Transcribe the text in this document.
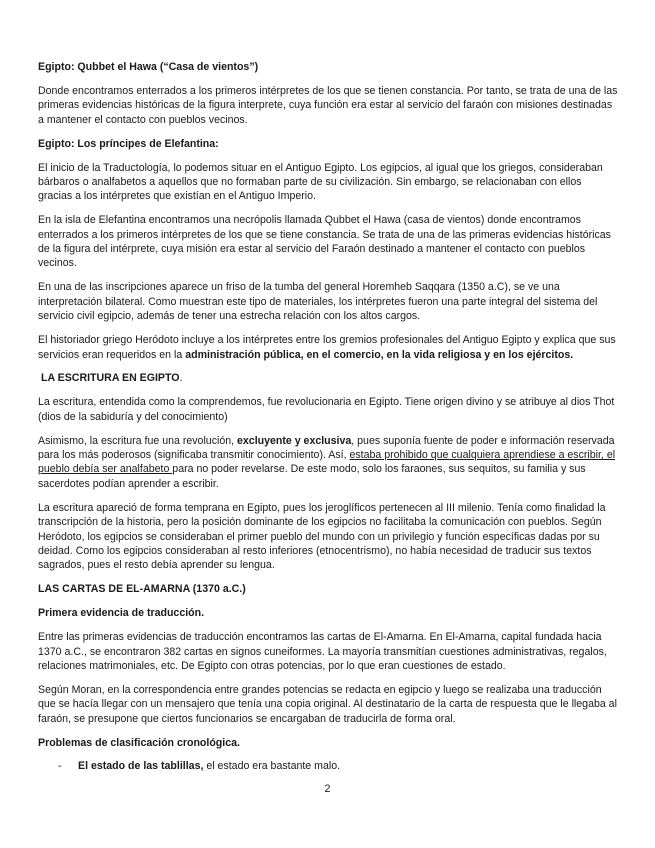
Egipto: Qubbet el Hawa (“Casa de vientos”)

Donde encontramos enterrados a los primeros intérpretes de los que se tienen constancia. Por tanto, se trata de una de las primeras evidencias históricas de la figura interprete, cuya función era estar al servicio del faraón con misiones destinadas a mantener el contacto con pueblos vecinos.

Egipto: Los príncipes de Elefantina:

El inicio de la Traductología, lo podemos situar en el Antiguo Egipto. Los egipcios, al igual que los griegos, consideraban bárbaros o analfabetos a aquellos que no formaban parte de su civilización. Sin embargo, se relacionaban con ellos gracias a los intérpretes que existían en el Antiguo Imperio.

En la isla de Elefantina encontramos una necrópolis llamada Qubbet el Hawa (casa de vientos) donde encontramos enterrados a los primeros intérpretes de los que se tiene constancia. Se trata de una de las primeras evidencias históricas de la figura del intérprete, cuya misión era estar al servicio del Faraón destinado a mantener el contacto con pueblos vecinos.

En una de las inscripciones aparece un friso de la tumba del general Horemheb Saqqara (1350 a.C), se ve una interpretación bilateral. Como muestran este tipo de materiales, los intérpretes fueron una parte integral del sistema del servicio civil egipcio, además de tener una estrecha relación con los altos cargos.

El historiador griego Heródoto incluye a los intérpretes entre los gremios profesionales del Antiguo Egipto y explica que sus servicios eran requeridos en la administración pública, en el comercio, en la vida religiosa y en los ejércitos.

LA ESCRITURA EN EGIPTO.

La escritura, entendida como la comprendemos, fue revolucionaria en Egipto. Tiene origen divino y se atribuye al dios Thot (dios de la sabiduría y del conocimiento)

Asimismo, la escritura fue una revolución, excluyente y exclusiva, pues suponía fuente de poder e información reservada para los más poderosos (significaba transmitir conocimiento). Así, estaba prohibido que cualquiera aprendiese a escribir, el pueblo debía ser analfabeto para no poder revelarse. De este modo, solo los faraones, sus sequitos, su familia y sus sacerdotes podían aprender a escribir.

La escritura apareció de forma temprana en Egipto, pues los jeroglíficos pertenecen al III milenio. Tenía como finalidad la transcripción de la historia, pero la posición dominante de los egipcios no facilitaba la comunicación con pueblos. Según Heródoto, los egipcios se consideraban el primer pueblo del mundo con un privilegio y función específicas dadas por su deidad. Como los egipcios consideraban al resto inferiores (etnocentrismo), no había necesidad de traducir sus textos sagrados, pues el resto debía aprender su lengua.

LAS CARTAS DE EL-AMARNA (1370 a.C.)

Primera evidencia de traducción.

Entre las primeras evidencias de traducción encontramos las cartas de El-Amarna. En El-Amarna, capital fundada hacia 1370 a.C., se encontraron 382 cartas en signos cuneiformes. La mayoría transmitían cuestiones administrativas, regalos, relaciones matrimoniales, etc. De Egipto con otras potencias, por lo que eran cuestiones de estado.

Según Moran, en la correspondencia entre grandes potencias se redacta en egipcio y luego se realizaba una traducción que se hacía llegar con un mensajero que tenía una copia original. Al destinatario de la carta de respuesta que le llegaba al faraón, se presupone que ciertos funcionarios se encargaban de traducirla de forma oral.

Problemas de clasificación cronológica.

- El estado de las tablillas, el estado era bastante malo.
2
